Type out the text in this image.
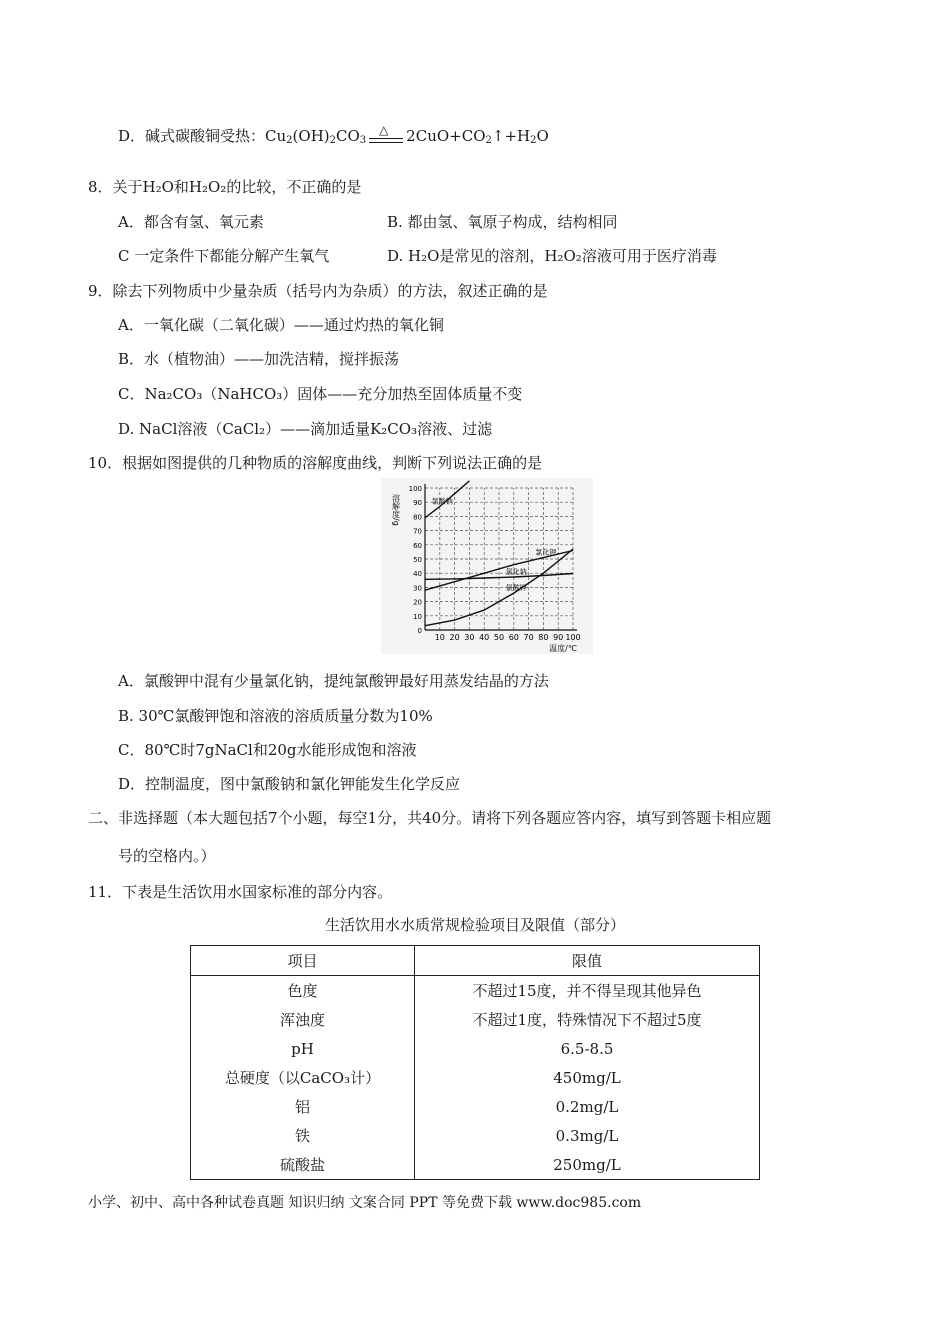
D．碱式碳酸铜受热：$Cu_2(OH)_2CO_3$
△ $2CuO+CO_2↑+H_2O$
8．关于H₂O和H₂O₂的比较，不正确的是
A．都含有氢、氧元素	B. 都由氢、氧原子构成，结构相同
C 一定条件下都能分解产生氧气	D. H₂O是常见的溶剂，H₂O₂溶液可用于医疗消毒
9．除去下列物质中少量杂质（括号内为杂质）的方法，叙述正确的是
A．一氧化碳（二氧化碳）——通过灼热的氧化铜
B．水（植物油）——加洗洁精，搅拌振荡
C．Na₂CO₃（NaHCO₃）固体——充分加热至固体质量不变
D. NaCl溶液（CaCl₂）——滴加适量K₂CO₃溶液、过滤
10．根据如图提供的几种物质的溶解度曲线，判断下列说法正确的是
10 20 30 40 50 60 70 80 90 100
0
10
20
30
40
50
60
70
80
90
100
温度/℃
溶解度/g	氯酸钠
氯化钾
氯化钠
氯酸钾
A．氯酸钾中混有少量氯化钠，提纯氯酸钾最好用蒸发结晶的方法
B. 30℃氯酸钾饱和溶液的溶质质量分数为10%
C．80℃时7gNaCl和20g水能形成饱和溶液
D．控制温度，图中氯酸钠和氯化钾能发生化学反应
二、非选择题（本大题包括7个小题，每空1分，共40分。请将下列各题应答内容，填写到答题卡相应题
号的空格内。）
11．下表是生活饮用水国家标准的部分内容。
生活饮用水水质常规检验项目及限值（部分）
项目	限值
色度	不超过15度，并不得呈现其他异色
浑浊度	不超过1度，特殊情况下不超过5度
pH	6.5-8.5
总硬度（以CaCO₃计）	450mg/L
铝	0.2mg/L
铁	0.3mg/L
硫酸盐	250mg/L
小学、初中、高中各种试卷真题 知识归纳 文案合同 PPT 等免费下载 www.doc985.com
